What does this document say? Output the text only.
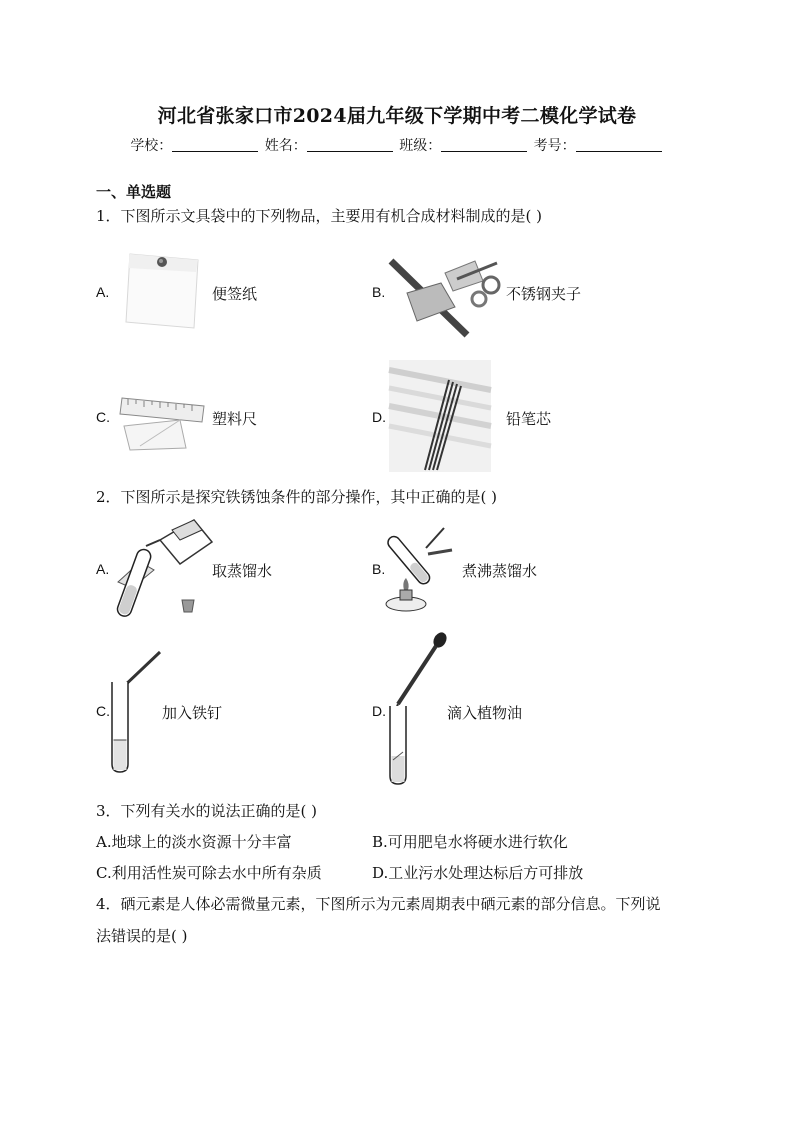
河北省张家口市2024届九年级下学期中考二模化学试卷
学校：	姓名：	班级：	考号：
一、单选题
1．下图所示文具袋中的下列物品，主要用有机合成材料制成的是( )
A.	便签纸	B.	不锈钢夹子
C.	塑料尺	D.	铅笔芯
2．下图所示是探究铁锈蚀条件的部分操作，其中正确的是( )
A.	取蒸馏水	B.	煮沸蒸馏水
C.	加入铁钉	D.	滴入植物油
3．下列有关水的说法正确的是( )
A.地球上的淡水资源十分丰富	B.可用肥皂水将硬水进行软化
C.利用活性炭可除去水中所有杂质	D.工业污水处理达标后方可排放
4．硒元素是人体必需微量元素，下图所示为元素周期表中硒元素的部分信息。下列说
法错误的是( )
